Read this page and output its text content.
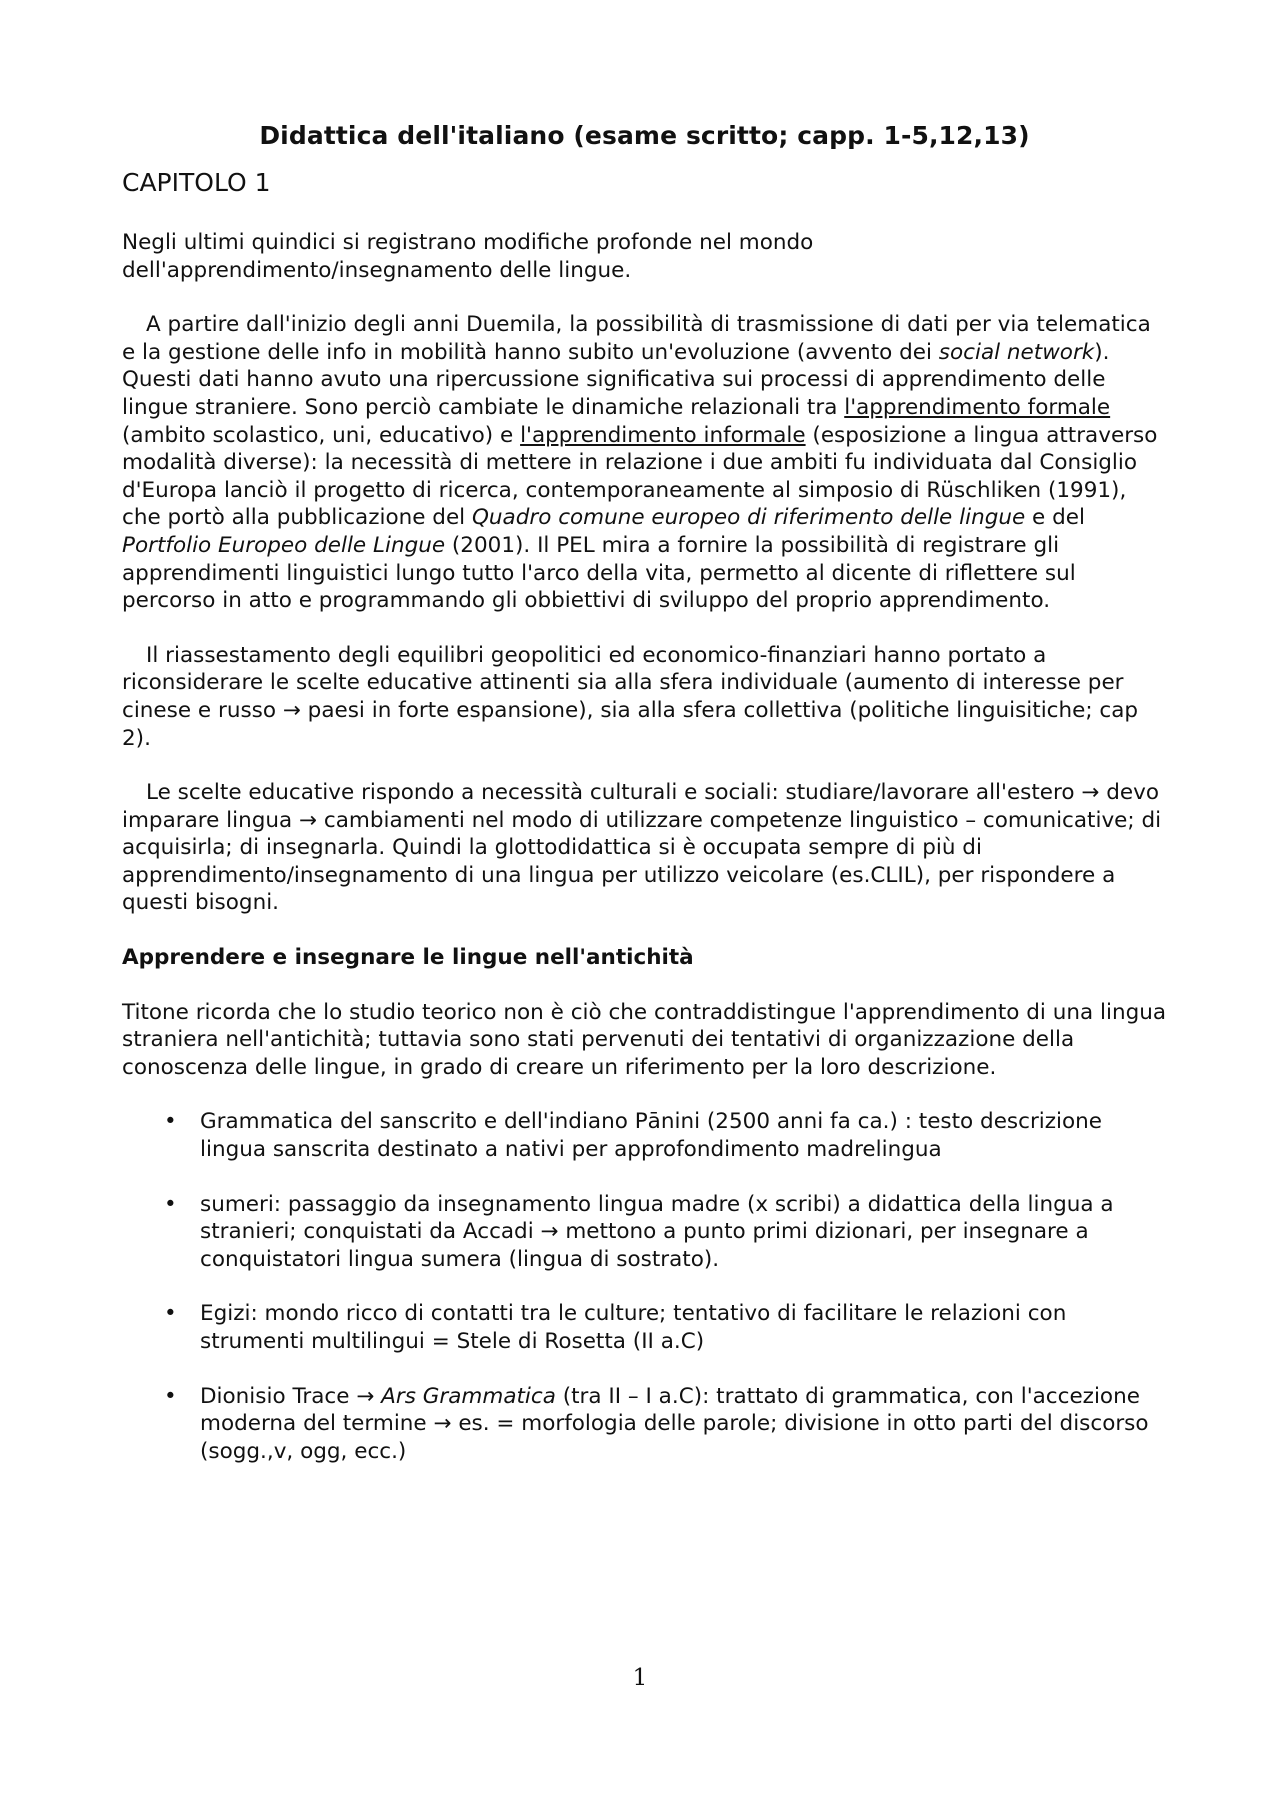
Didattica dell'italiano (esame scritto; capp. 1-5,12,13)
CAPITOLO 1

Negli ultimi quindici si registrano modifiche profonde nel mondo dell'apprendimento/insegnamento delle lingue.

A partire dall'inizio degli anni Duemila, la possibilità di trasmissione di dati per via telematica e la gestione delle info in mobilità hanno subito un'evoluzione (avvento dei social network). Questi dati hanno avuto una ripercussione significativa sui processi di apprendimento delle lingue straniere. Sono perciò cambiate le dinamiche relazionali tra l'apprendimento formale (ambito scolastico, uni, educativo) e l'apprendimento informale (esposizione a lingua attraverso modalità diverse): la necessità di mettere in relazione i due ambiti fu individuata dal Consiglio d'Europa lanciò il progetto di ricerca, contemporaneamente al simposio di Rüschliken (1991), che portò alla pubblicazione del Quadro comune europeo di riferimento delle lingue e del Portfolio Europeo delle Lingue (2001). Il PEL mira a fornire la possibilità di registrare gli apprendimenti linguistici lungo tutto l'arco della vita, permetto al dicente di riflettere sul percorso in atto e programmando gli obbiettivi di sviluppo del proprio apprendimento.

Il riassestamento degli equilibri geopolitici ed economico-finanziari hanno portato a riconsiderare le scelte educative attinenti sia alla sfera individuale (aumento di interesse per cinese e russo → paesi in forte espansione), sia alla sfera collettiva (politiche linguisitiche; cap 2).

Le scelte educative rispondo a necessità culturali e sociali: studiare/lavorare all'estero → devo imparare lingua → cambiamenti nel modo di utilizzare competenze linguistico – comunicative; di acquisirla; di insegnarla. Quindi la glottodidattica si è occupata sempre di più di apprendimento/insegnamento di una lingua per utilizzo veicolare (es.CLIL), per rispondere a questi bisogni.

Apprendere e insegnare le lingue nell'antichità

Titone ricorda che lo studio teorico non è ciò che contraddistingue l'apprendimento di una lingua straniera nell'antichità; tuttavia sono stati pervenuti dei tentativi di organizzazione della conoscenza delle lingue, in grado di creare un riferimento per la loro descrizione.

• Grammatica del sanscrito e dell'indiano Pānini (2500 anni fa ca.) : testo descrizione lingua sanscrita destinato a nativi per approfondimento madrelingua
• sumeri: passaggio da insegnamento lingua madre (x scribi) a didattica della lingua a stranieri; conquistati da Accadi → mettono a punto primi dizionari, per insegnare a conquistatori lingua sumera (lingua di sostrato).
• Egizi: mondo ricco di contatti tra le culture; tentativo di facilitare le relazioni con strumenti multilingui = Stele di Rosetta (II a.C)
• Dionisio Trace → Ars Grammatica (tra II – I a.C): trattato di grammatica, con l'accezione moderna del termine → es. = morfologia delle parole; divisione in otto parti del discorso (sogg.,v, ogg, ecc.)
1
